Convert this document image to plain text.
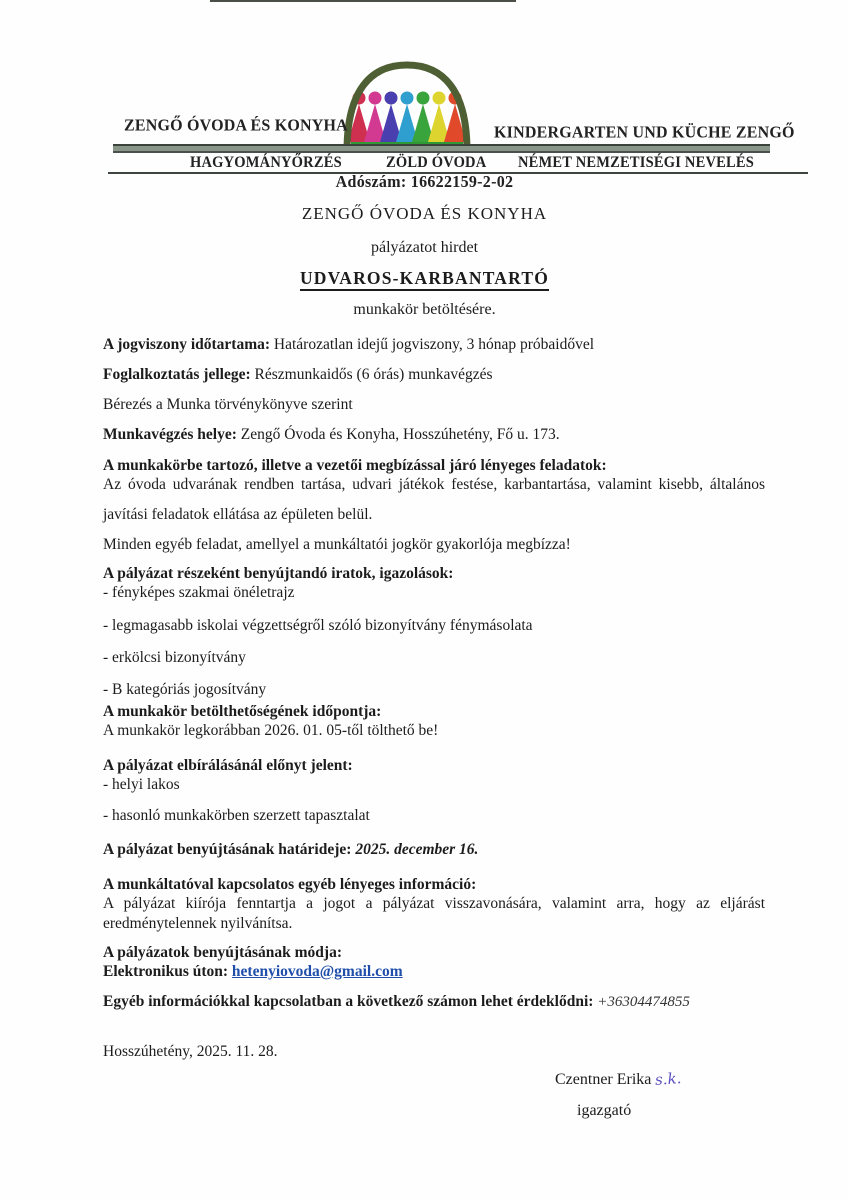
ZENGŐ ÓVODA ÉS KONYHA	KINDERGARTEN UND KÜCHE ZENGŐ
HAGYOMÁNYŐRZÉS	ZÖLD ÓVODA NÉMET NEMZETISÉGI NEVELÉS
Adószám: 16622159-2-02
ZENGŐ ÓVODA ÉS KONYHA
pályázatot hirdet
UDVAROS-KARBANTARTÓ
munkakör betöltésére.
A jogviszony időtartama: Határozatlan idejű jogviszony, 3 hónap próbaidővel
Foglalkoztatás jellege: Részmunkaidős (6 órás) munkavégzés
Bérezés a Munka törvénykönyve szerint
Munkavégzés helye: Zengő Óvoda és Konyha, Hosszúhetény, Fő u. 173.
A munkakörbe tartozó, illetve a vezetői megbízással járó lényeges feladatok:
Az óvoda udvarának rendben tartása, udvari játékok festése, karbantartása, valamint kisebb, általános
javítási feladatok ellátása az épületen belül.
Minden egyéb feladat, amellyel a munkáltatói jogkör gyakorlója megbízza!
A pályázat részeként benyújtandó iratok, igazolások:
- fényképes szakmai önéletrajz
- legmagasabb iskolai végzettségről szóló bizonyítvány fénymásolata
- erkölcsi bizonyítvány
- B kategóriás jogosítvány
A munkakör betölthetőségének időpontja:
A munkakör legkorábban 2026. 01. 05-től tölthető be!
A pályázat elbírálásánál előnyt jelent:
- helyi lakos
- hasonló munkakörben szerzett tapasztalat
A pályázat benyújtásának határideje: 2025. december 16.
A munkáltatóval kapcsolatos egyéb lényeges információ:
A pályázat kiírója fenntartja a jogot a pályázat visszavonására, valamint arra, hogy az eljárást
eredménytelennek nyilvánítsa.
A pályázatok benyújtásának módja:
Elektronikus úton: hetenyiovoda@gmail.com
Egyéb információkkal kapcsolatban a következő számon lehet érdeklődni: +36304474855
Hosszúhetény, 2025. 11. 28.
Czentner Erika s.k.
igazgató
